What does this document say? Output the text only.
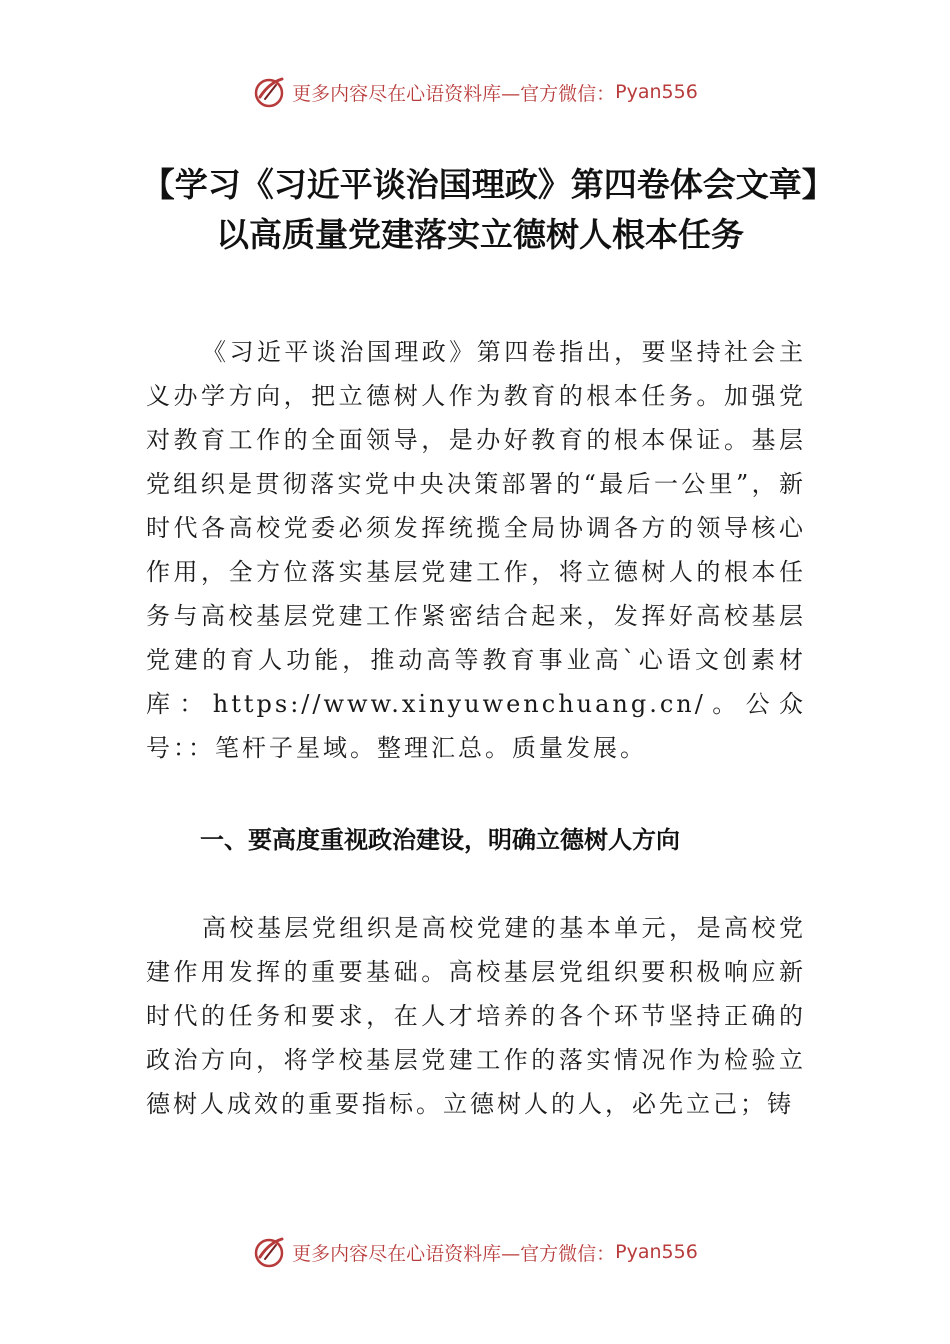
更多内容尽在心语资料库—官方微信： Pyan556
【学习《习近平谈治国理政》第四卷体会文章】以高质量党建落实立德树人根本任务
《习近平谈治国理政》第四卷指出，要坚持社会主义办学方向，把立德树人作为教育的根本任务。加强党对教育工作的全面领导，是办好教育的根本保证。基层党组织是贯彻落实党中央决策部署的“最后一公里”，新时代各高校党委必须发挥统揽全局协调各方的领导核心作用，全方位落实基层党建工作，将立德树人的根本任务与高校基层党建工作紧密结合起来，发挥好高校基层党建的育人功能，推动高等教育事业高`心语文创素材库：https://www.xinyuwenchuang.cn/。公众号：：笔杆子星域。整理汇总。质量发展。
一、要高度重视政治建设，明确立德树人方向
高校基层党组织是高校党建的基本单元，是高校党建作用发挥的重要基础。高校基层党组织要积极响应新时代的任务和要求，在人才培养的各个环节坚持正确的政治方向，将学校基层党建工作的落实情况作为检验立德树人成效的重要指标。立德树人的人，必先立己；铸
更多内容尽在心语资料库—官方微信： Pyan556
